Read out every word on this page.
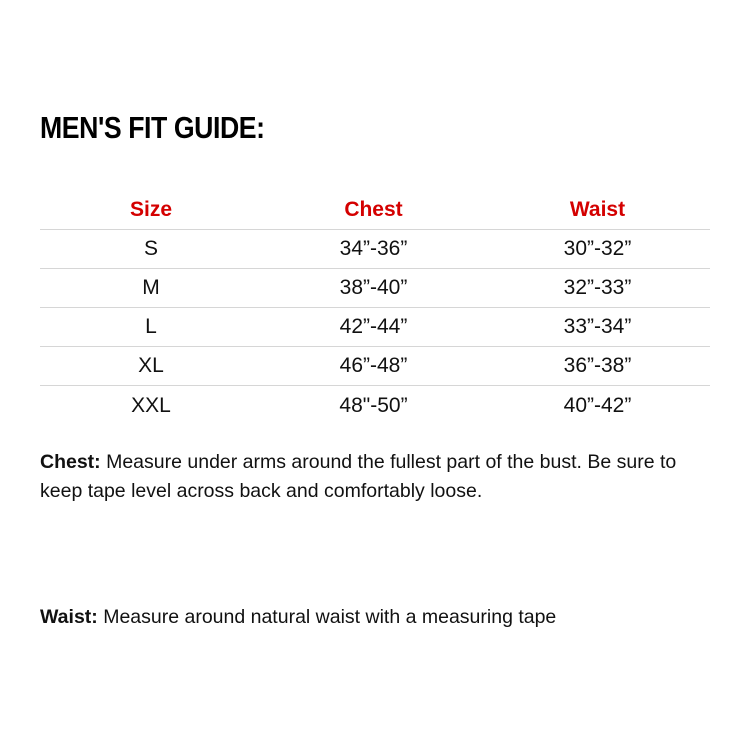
MEN'S FIT GUIDE:
Size	Chest	Waist
S	34”-36”	30”-32”
M	38”-40”	32”-33”
L	42”-44”	33”-34”
XL	46”-48”	36”-38”
XXL	48"-50”	40”-42”

Chest: Measure under arms around the fullest part of the bust. Be sure to keep tape level across back and comfortably loose.

Waist: Measure around natural waist with a measuring tape
